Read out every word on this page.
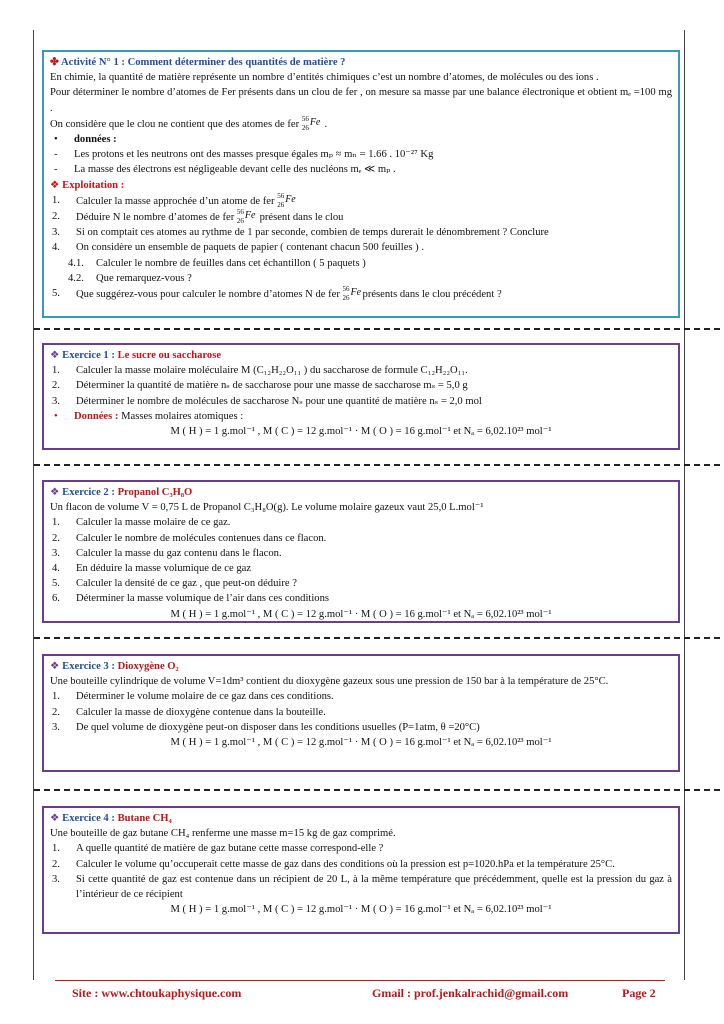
✤ Activité N° 1 : Comment déterminer des quantités de matière ?

En chimie, la quantité de matière représente un nombre d’entités chimiques c’est un nombre d’atomes, de molécules ou des ions .

Pour déterminer le nombre d’atomes de Fer présents dans un clou de fer , on mesure sa masse par une balance électronique et obtient mₑ =100 mg .

On considère que le clou ne contient que des atomes de fer 56
26 Fe .

• données :

- Les protons et les neutrons ont des masses presque égales mₚ ≈ mₙ = 1.66 . 10⁻²⁷ Kg

- La masse des électrons est négligeable devant celle des nucléons mₑ ≪ mₚ .

❖ Exploitation :

1. Calculer la masse approchée d’un atome de fer 56
26 Fe

2. Déduire N le nombre d’atomes de fer 56
26 Fe présent dans le clou

3. Si on comptait ces atomes au rythme de 1 par seconde, combien de temps durerait le dénombrement ? Conclure

4. On considère un ensemble de paquets de papier ( contenant chacun 500 feuilles ) .

4.1. Calculer le nombre de feuilles dans cet échantillon ( 5 paquets )

4.2. Que remarquez-vous ?

5. Que suggérez-vous pour calculer le nombre d’atomes N de fer 56
26 Fe présents dans le clou précédent ?

❖ Exercice 1 : Le sucre ou saccharose

1. Calculer la masse molaire moléculaire M (C₁₂H₂₂O₁₁ ) du saccharose de formule C₁₂H₂₂O₁₁.

2. Déterminer la quantité de matière nₛ de saccharose pour une masse de saccharose mₛ = 5,0 g

3. Déterminer le nombre de molécules de saccharose Nₛ pour une quantité de matière nₛ = 2,0 mol

• Données : Masses molaires atomiques :

M ( H ) = 1 g.mol⁻¹ , M ( C ) = 12 g.mol⁻¹ · M ( O ) = 16 g.mol⁻¹ et Nₐ = 6,02.10²³ mol⁻¹

❖ Exercice 2 : Propanol C₃H₈O

Un flacon de volume V = 0,75 L de Propanol C₃H₈O(g). Le volume molaire gazeux vaut 25,0 L.mol⁻¹

1. Calculer la masse molaire de ce gaz.

2. Calculer le nombre de molécules contenues dans ce flacon.

3. Calculer la masse du gaz contenu dans le flacon.

4. En déduire la masse volumique de ce gaz

5. Calculer la densité de ce gaz , que peut-on déduire ?

6. Déterminer la masse volumique de l’air dans ces conditions

M ( H ) = 1 g.mol⁻¹ , M ( C ) = 12 g.mol⁻¹ · M ( O ) = 16 g.mol⁻¹ et Nₐ = 6,02.10²³ mol⁻¹

❖ Exercice 3 : Dioxygène O₂

Une bouteille cylindrique de volume V=1dm³ contient du dioxygène gazeux sous une pression de 150 bar à la température de 25°C.

1. Déterminer le volume molaire de ce gaz dans ces conditions.

2. Calculer la masse de dioxygène contenue dans la bouteille.

3. De quel volume de dioxygène peut-on disposer dans les conditions usuelles (P=1atm, θ =20°C)

M ( H ) = 1 g.mol⁻¹ , M ( C ) = 12 g.mol⁻¹ · M ( O ) = 16 g.mol⁻¹ et Nₐ = 6,02.10²³ mol⁻¹

❖ Exercice 4 : Butane CH₄

Une bouteille de gaz butane CH₄ renferme une masse m=15 kg de gaz comprimé.

1. A quelle quantité de matière de gaz butane cette masse correspond-elle ?

2. Calculer le volume qu’occuperait cette masse de gaz dans des conditions où la pression est p=1020.hPa et la température 25°C.

3. Si cette quantité de gaz est contenue dans un récipient de 20 L, à la même température que précédemment, quelle est la pression du gaz à l’intérieur de ce récipient

M ( H ) = 1 g.mol⁻¹ , M ( C ) = 12 g.mol⁻¹ · M ( O ) = 16 g.mol⁻¹ et Nₐ = 6,02.10²³ mol⁻¹

Site : www.chtoukaphysique.com	Gmail : prof.jenkalrachid@gmail.com	Page 2
